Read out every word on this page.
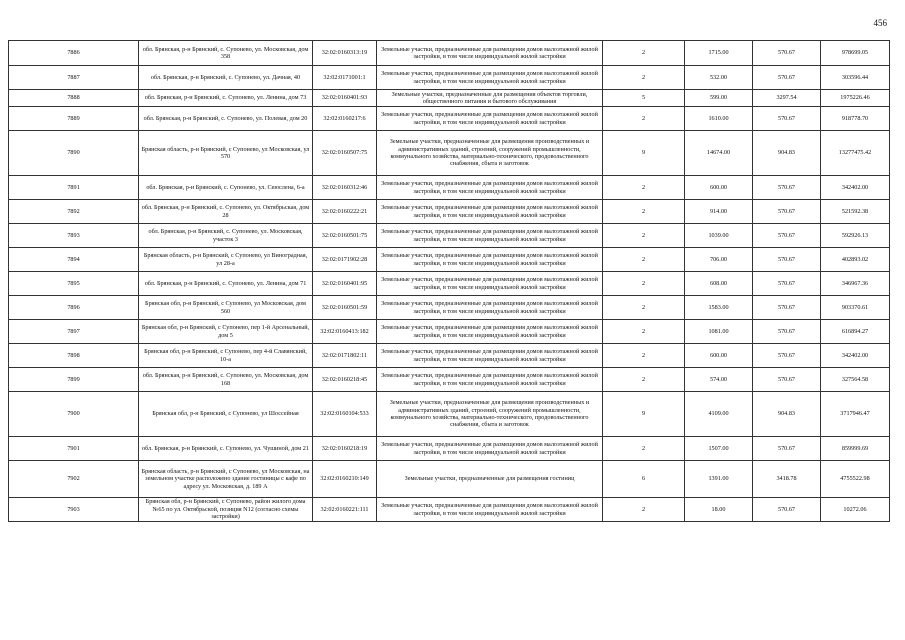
456
7886	обл. Брянская, р-н Брянский, с. Супонево, ул. Московская, дом 358	32:02:0160313:19	Земельные участки, предназначенные для размещения домов малоэтажной жилой застройки, в том числе индивидуальной жилой застройки	2	1715.00	570.67	978699.05
7887	обл. Брянская, р-н Брянский, с. Супонево, ул. Дачная, 40	32:02:0171001:1	Земельные участки, предназначенные для размещения домов малоэтажной жилой застройки, в том числе индивидуальной жилой застройки	2	532.00	570.67	303596.44
7888	обл. Брянская, р-н Брянский, с. Супонево, ул. Ленина, дом 73	32:02:0160401:93	Земельные участки, предназначенные для размещения объектов торговли, общественного питания и бытового обслуживания	5	599.00	3297.54	1975226.46
7889	обл. Брянская, р-н Брянский, с. Супонево, ул. Полевая, дом 20	32:02:0160217:6	Земельные участки, предназначенные для размещения домов малоэтажной жилой застройки, в том числе индивидуальной жилой застройки	2	1610.00	570.67	918778.70
7890	Брянская область, р-н Брянский, с Супонево, ул Московская, ул 570	32:02:0160507:75	Земельные участки, предназначенные для размещения производственных и административных зданий, строений, сооружений промышленности, коммунального хозяйства, материально-технического, продовольственного снабжения, сбыта и заготовок	9	14674.00	904.83	13277475.42
7891	обл. Брянская, р-н Брянский, с. Супонево, ул. Сеюслена, 6-а	32:02:0160312:46	Земельные участки, предназначенные для размещения домов малоэтажной жилой застройки, в том числе индивидуальной жилой застройки	2	600.00	570.67	342402.00
7892	обл. Брянская, р-н Брянский, с. Супонево, ул. Октябрьская, дом 28	32:02:0160222:21	Земельные участки, предназначенные для размещения домов малоэтажной жилой застройки, в том числе индивидуальной жилой застройки	2	914.00	570.67	521592.38
7893	обл. Брянская, р-н Брянский, с. Супонево, ул. Московская, участок 3	32:02:0160501:75	Земельные участки, предназначенные для размещения домов малоэтажной жилой застройки, в том числе индивидуальной жилой застройки	2	1039.00	570.67	592926.13
7894	Брянская область, р-н Брянский, с Супонево, ул Виноградная, ул 28-а	32:02:0171902:28	Земельные участки, предназначенные для размещения домов малоэтажной жилой застройки, в том числе индивидуальной жилой застройки	2	706.00	570.67	402893.02
7895	обл. Брянская, р-н Брянский, с. Супонево, ул. Ленина, дом 71	32:02:0160401:95	Земельные участки, предназначенные для размещения домов малоэтажной жилой застройки, в том числе индивидуальной жилой застройки	2	608.00	570.67	346967.36
7896	Брянская обл, р-н Брянский, с Супонево, ул Московская, дом 560	32:02:0160501:59	Земельные участки, предназначенные для размещения домов малоэтажной жилой застройки, в том числе индивидуальной жилой застройки	2	1583.00	570.67	903370.61
7897	Брянская обл, р-н Брянский, с Супонево, пер 1-й Арсенальный, дом 5	32:02:0160413:182	Земельные участки, предназначенные для размещения домов малоэтажной жилой застройки, в том числе индивидуальной жилой застройки	2	1081.00	570.67	616894.27
7898	Брянская обл, р-н Брянский, с Супонево, пер 4-й Славянский, 10-а	32:02:0171802:11	Земельные участки, предназначенные для размещения домов малоэтажной жилой застройки, в том числе индивидуальной жилой застройки	2	600.00	570.67	342402.00
7899	обл. Брянская, р-н Брянский, с. Супонево, ул. Московская, дом 168	32:02:0160218:45	Земельные участки, предназначенные для размещения домов малоэтажной жилой застройки, в том числе индивидуальной жилой застройки	2	574.00	570.67	327564.58
7900	Брянская обл, р-н Брянский, с Супонево, ул Шоссейная	32:02:0160104:533	Земельные участки, предназначенные для размещения производственных и административных зданий, строений, сооружений промышленности, коммунального хозяйства, материально-технического, продовольственного снабжения, сбыта и заготовок	9	4109.00	904.83	3717946.47
7901	обл. Брянская, р-н Брянский, с. Супонево, ул. Чушиной, дом 21	32:02:0160218:19	Земельные участки, предназначенные для размещения домов малоэтажной жилой застройки, в том числе индивидуальной жилой застройки	2	1507.00	570.67	859999.69
7902	Брянская область, р-н Брянский, с Супонево, ул Московская, на земельном участке расположено здание гостиницы с кафе по адресу ул. Московская, д. 189 А	32:02:0160210:149	Земельные участки, предназначенные для размещения гостиниц	6	1391.00	3418.78	4755522.98
7903	Брянская обл, р-н Брянский, с Супонево, район жилого дома №65 по ул. Октябрьской, позиция N12 (согласно схемы застройки)	32:02:0160221:111	Земельные участки, предназначенные для размещения домов малоэтажной жилой застройки, в том числе индивидуальной жилой застройки	2	18.00	570.67	10272.06
